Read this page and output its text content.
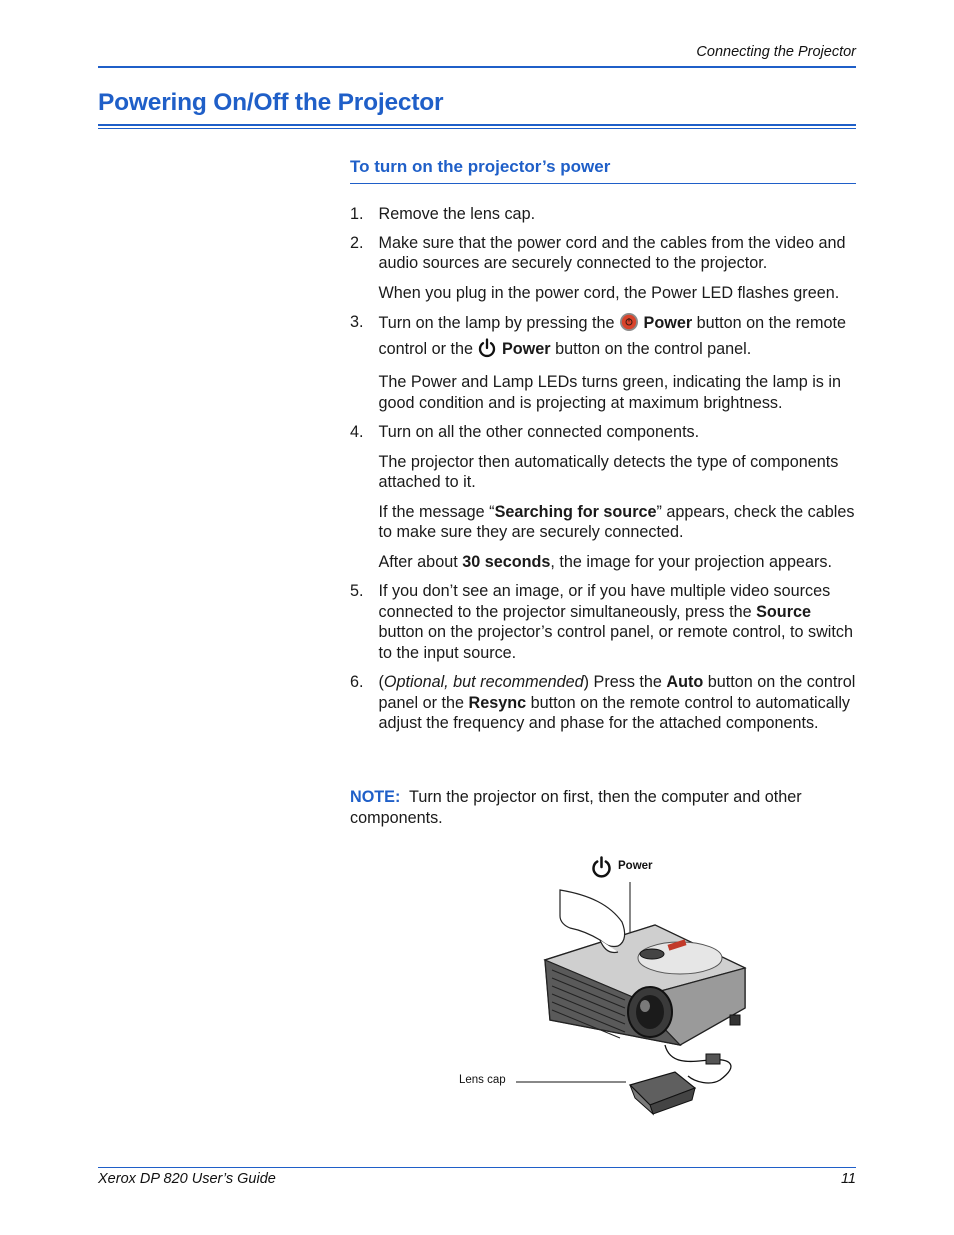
Connecting the Projector
Powering On/Off the Projector
To turn on the projector’s power
1. Remove the lens cap.
2. Make sure that the power cord and the cables from the video and audio sources are securely connected to the projector.
When you plug in the power cord, the Power LED flashes green.
3. Turn on the lamp by pressing the  Power button on the remote control or the  Power button on the control panel.
The Power and Lamp LEDs turns green, indicating the lamp is in good condition and is projecting at maximum brightness.
4. Turn on all the other connected components.
The projector then automatically detects the type of components attached to it.
If the message “Searching for source” appears, check the cables to make sure they are securely connected.
After about 30 seconds, the image for your projection appears.
5. If you don’t see an image, or if you have multiple video sources connected to the projector simultaneously, press the Source button on the projector’s control panel, or remote control, to switch to the input source.
6. (Optional, but recommended) Press the Auto button on the control panel or the Resync button on the remote control to automatically adjust the frequency and phase for the attached components.
NOTE:  Turn the projector on first, then the computer and other components.
Power
Lens cap
Xerox DP 820 User’s Guide	11
